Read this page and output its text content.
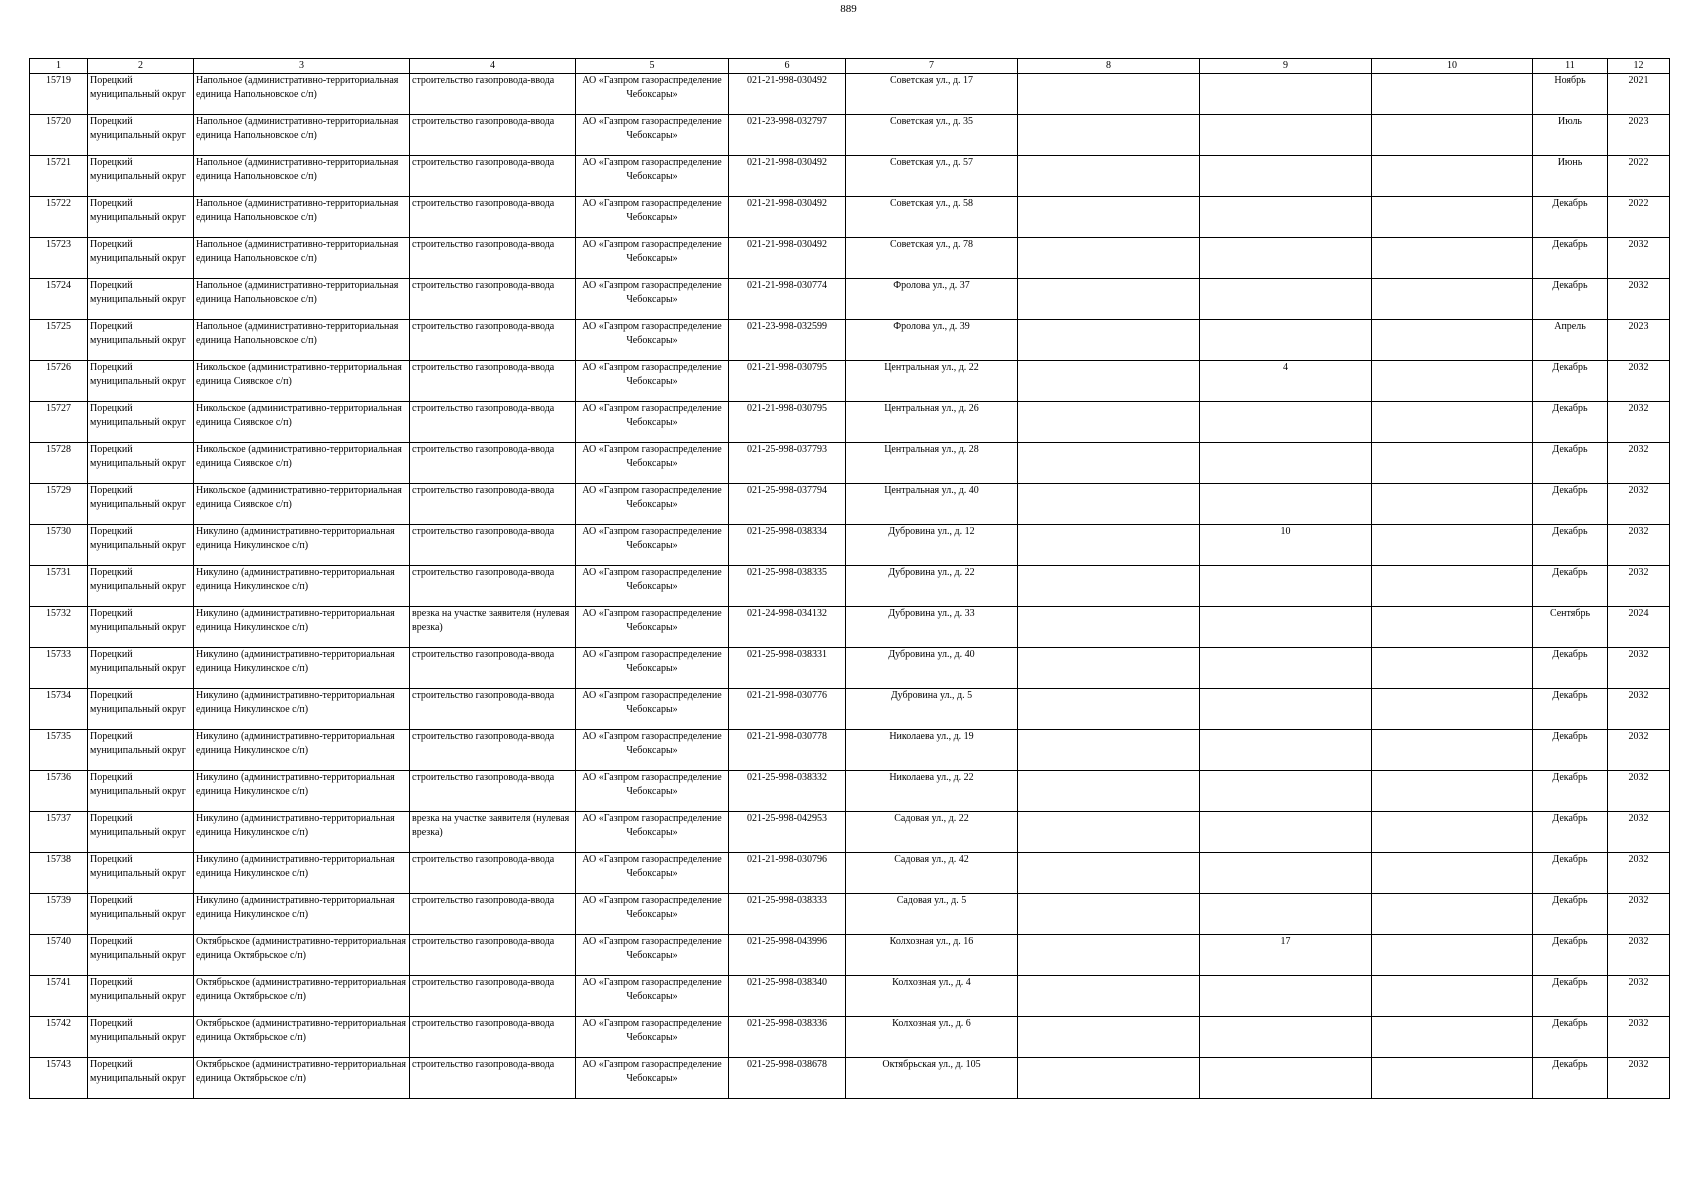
889
1	2	3	4	5	6	7	8	9	10	11	12

15719	Порецкий муниципальный округ	Напольное (административно-территориальная единица Напольновское с/п)	строительство газопровода-ввода	АО «Газпром газораспределение Чебоксары»	021-21-998-030492	Советская ул., д. 17				Ноябрь	2021

15720	Порецкий муниципальный округ	Напольное (административно-территориальная единица Напольновское с/п)	строительство газопровода-ввода	АО «Газпром газораспределение Чебоксары»	021-23-998-032797	Советская ул., д. 35				Июль	2023

15721	Порецкий муниципальный округ	Напольное (административно-территориальная единица Напольновское с/п)	строительство газопровода-ввода	АО «Газпром газораспределение Чебоксары»	021-21-998-030492	Советская ул., д. 57				Июнь	2022

15722	Порецкий муниципальный округ	Напольное (административно-территориальная единица Напольновское с/п)	строительство газопровода-ввода	АО «Газпром газораспределение Чебоксары»	021-21-998-030492	Советская ул., д. 58				Декабрь	2022

15723	Порецкий муниципальный округ	Напольное (административно-территориальная единица Напольновское с/п)	строительство газопровода-ввода	АО «Газпром газораспределение Чебоксары»	021-21-998-030492	Советская ул., д. 78				Декабрь	2032

15724	Порецкий муниципальный округ	Напольное (административно-территориальная единица Напольновское с/п)	строительство газопровода-ввода	АО «Газпром газораспределение Чебоксары»	021-21-998-030774	Фролова ул., д. 37				Декабрь	2032

15725	Порецкий муниципальный округ	Напольное (административно-территориальная единица Напольновское с/п)	строительство газопровода-ввода	АО «Газпром газораспределение Чебоксары»	021-23-998-032599	Фролова ул., д. 39				Апрель	2023

15726	Порецкий муниципальный округ	Никольское (административно-территориальная единица Сиявское с/п)	строительство газопровода-ввода	АО «Газпром газораспределение Чебоксары»	021-21-998-030795	Центральная ул., д. 22		4		Декабрь	2032

15727	Порецкий муниципальный округ	Никольское (административно-территориальная единица Сиявское с/п)	строительство газопровода-ввода	АО «Газпром газораспределение Чебоксары»	021-21-998-030795	Центральная ул., д. 26				Декабрь	2032

15728	Порецкий муниципальный округ	Никольское (административно-территориальная единица Сиявское с/п)	строительство газопровода-ввода	АО «Газпром газораспределение Чебоксары»	021-25-998-037793	Центральная ул., д. 28				Декабрь	2032

15729	Порецкий муниципальный округ	Никольское (административно-территориальная единица Сиявское с/п)	строительство газопровода-ввода	АО «Газпром газораспределение Чебоксары»	021-25-998-037794	Центральная ул., д. 40				Декабрь	2032

15730	Порецкий муниципальный округ	Никулино (административно-территориальная единица Никулинское с/п)	строительство газопровода-ввода	АО «Газпром газораспределение Чебоксары»	021-25-998-038334	Дубровина ул., д. 12		10		Декабрь	2032

15731	Порецкий муниципальный округ	Никулино (административно-территориальная единица Никулинское с/п)	строительство газопровода-ввода	АО «Газпром газораспределение Чебоксары»	021-25-998-038335	Дубровина ул., д. 22				Декабрь	2032

15732	Порецкий муниципальный округ	Никулино (административно-территориальная единица Никулинское с/п)	врезка на участке заявителя (нулевая врезка)	АО «Газпром газораспределение Чебоксары»	021-24-998-034132	Дубровина ул., д. 33				Сентябрь	2024

15733	Порецкий муниципальный округ	Никулино (административно-территориальная единица Никулинское с/п)	строительство газопровода-ввода	АО «Газпром газораспределение Чебоксары»	021-25-998-038331	Дубровина ул., д. 40				Декабрь	2032

15734	Порецкий муниципальный округ	Никулино (административно-территориальная единица Никулинское с/п)	строительство газопровода-ввода	АО «Газпром газораспределение Чебоксары»	021-21-998-030776	Дубровина ул., д. 5				Декабрь	2032

15735	Порецкий муниципальный округ	Никулино (административно-территориальная единица Никулинское с/п)	строительство газопровода-ввода	АО «Газпром газораспределение Чебоксары»	021-21-998-030778	Николаева ул., д. 19				Декабрь	2032

15736	Порецкий муниципальный округ	Никулино (административно-территориальная единица Никулинское с/п)	строительство газопровода-ввода	АО «Газпром газораспределение Чебоксары»	021-25-998-038332	Николаева ул., д. 22				Декабрь	2032

15737	Порецкий муниципальный округ	Никулино (административно-территориальная единица Никулинское с/п)	врезка на участке заявителя (нулевая врезка)	АО «Газпром газораспределение Чебоксары»	021-25-998-042953	Садовая ул., д. 22				Декабрь	2032

15738	Порецкий муниципальный округ	Никулино (административно-территориальная единица Никулинское с/п)	строительство газопровода-ввода	АО «Газпром газораспределение Чебоксары»	021-21-998-030796	Садовая ул., д. 42				Декабрь	2032

15739	Порецкий муниципальный округ	Никулино (административно-территориальная единица Никулинское с/п)	строительство газопровода-ввода	АО «Газпром газораспределение Чебоксары»	021-25-998-038333	Садовая ул., д. 5				Декабрь	2032

15740	Порецкий муниципальный округ	Октябрьское (административно-территориальная единица Октябрьское с/п)	строительство газопровода-ввода	АО «Газпром газораспределение Чебоксары»	021-25-998-043996	Колхозная ул., д. 16		17		Декабрь	2032

15741	Порецкий муниципальный округ	Октябрьское (административно-территориальная единица Октябрьское с/п)	строительство газопровода-ввода	АО «Газпром газораспределение Чебоксары»	021-25-998-038340	Колхозная ул., д. 4				Декабрь	2032

15742	Порецкий муниципальный округ	Октябрьское (административно-территориальная единица Октябрьское с/п)	строительство газопровода-ввода	АО «Газпром газораспределение Чебоксары»	021-25-998-038336	Колхозная ул., д. 6				Декабрь	2032

15743	Порецкий муниципальный округ	Октябрьское (административно-территориальная единица Октябрьское с/п)	строительство газопровода-ввода	АО «Газпром газораспределение Чебоксары»	021-25-998-038678	Октябрьская ул., д. 105				Декабрь	2032
